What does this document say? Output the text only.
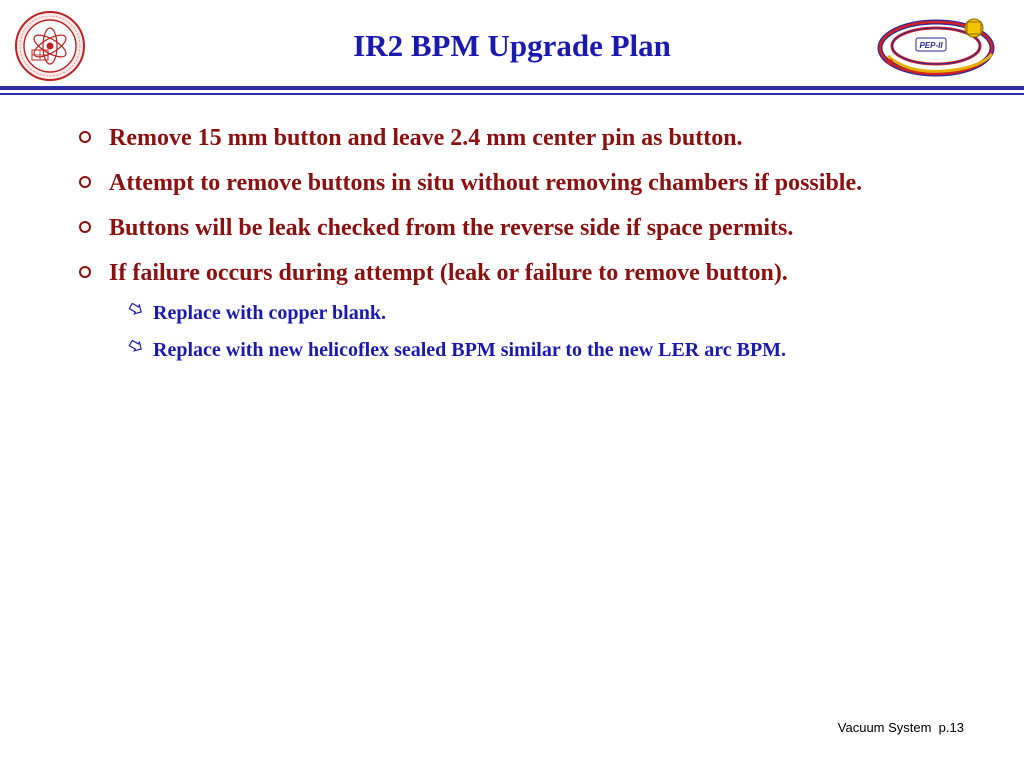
IR2 BPM Upgrade Plan	PEP-II
Remove 15 mm button and leave 2.4 mm center pin as button.
Attempt to remove buttons in situ without removing chambers if possible.
Buttons will be leak checked from the reverse side if space permits.
If failure occurs during attempt (leak or failure to remove button).
Replace with copper blank.
Replace with new helicoflex sealed BPM similar to the new LER arc BPM.
Vacuum System  p.13
